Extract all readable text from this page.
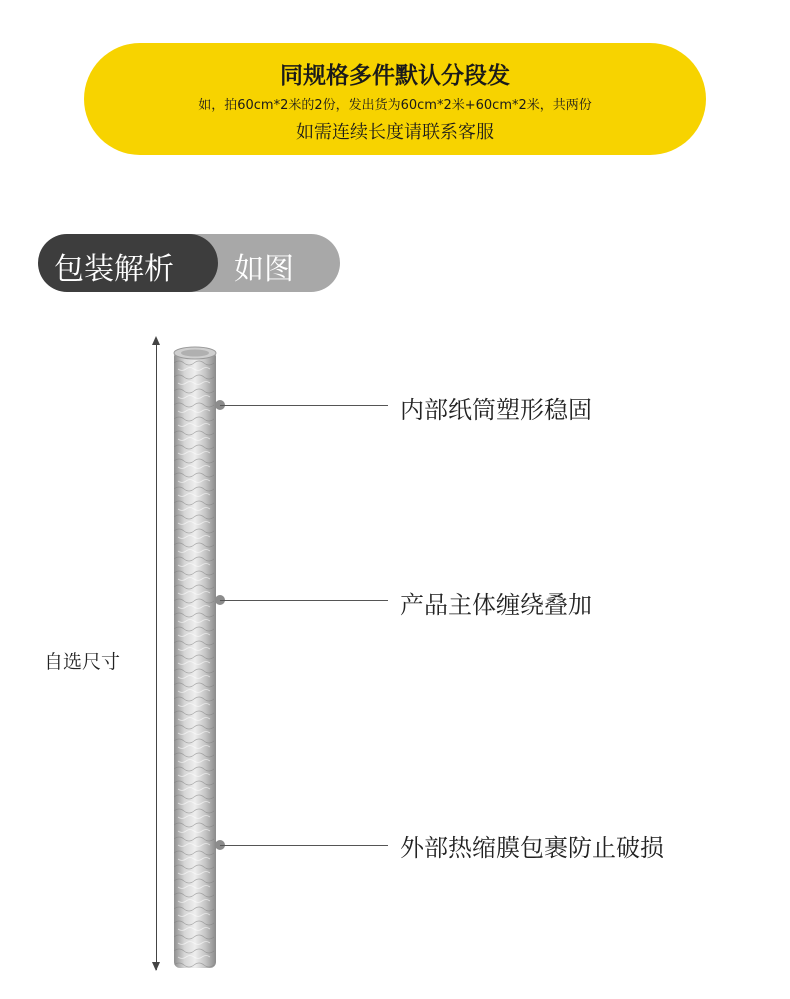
同规格多件默认分段发
如，拍60cm*2米的2份，发出货为60cm*2米+60cm*2米，共两份
如需连续长度请联系客服
如图
包装解析
自选尺寸
内部纸筒塑形稳固
产品主体缠绕叠加
外部热缩膜包裹防止破损
